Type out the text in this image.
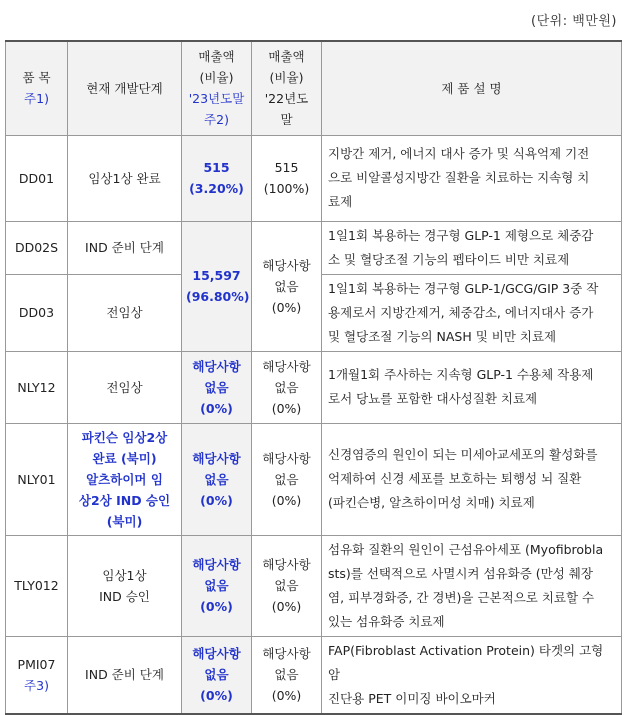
(단위: 백만원)
품 목
주1)	현재 개발단계	매출액
(비율)
'23년도말
주2)	매출액
(비율)
'22년도
말	제 품 설 명
DD01	임상1상 완료	515
(3.20%)	515
(100%)	지방간 제거, 에너지 대사 증가 및 식욕억제 기전
으로 비알콜성지방간 질환을 치료하는 지속형 치
료제

DD02S	IND 준비 단계	15,597
(96.80%)	해당사항
없음
(0%)	1일1회 복용하는 경구형 GLP-1 제형으로 체중감
소 및 혈당조절 기능의 펩타이드 비만 치료제

DD03	전임상			1일1회 복용하는 경구형 GLP-1/GCG/GIP 3중 작
용제로서 지방간제거, 체중감소, 에너지대사 증가
및 혈당조절 기능의 NASH 및 비만 치료제

NLY12	전임상	해당사항
없음
(0%)	해당사항
없음
(0%)	1개월1회 주사하는 지속형 GLP-1 수용체 작용제
로서 당뇨를 포함한 대사성질환 치료제

NLY01	파킨슨 임상2상
완료 (북미)
알츠하이머 임
상2상 IND 승인
(북미)	해당사항
없음
(0%)	해당사항
없음
(0%)	신경염증의 원인이 되는 미세아교세포의 활성화를
억제하여 신경 세포를 보호하는 퇴행성 뇌 질환
(파킨슨병, 알츠하이머성 치매) 치료제

TLY012	임상1상
IND 승인	해당사항
없음
(0%)	해당사항
없음
(0%)	섬유화 질환의 원인이 근섬유아세포 (Myofibrobla
sts)를 선택적으로 사멸시켜 섬유화증 (만성 췌장
염, 피부경화증, 간 경변)을 근본적으로 치료할 수
있는 섬유화증 치료제

PMI07
주3)	IND 준비 단계	해당사항
없음
(0%)	해당사항
없음
(0%)	FAP(Fibroblast Activation Protein) 타겟의 고형암
진단용 PET 이미징 바이오마커
